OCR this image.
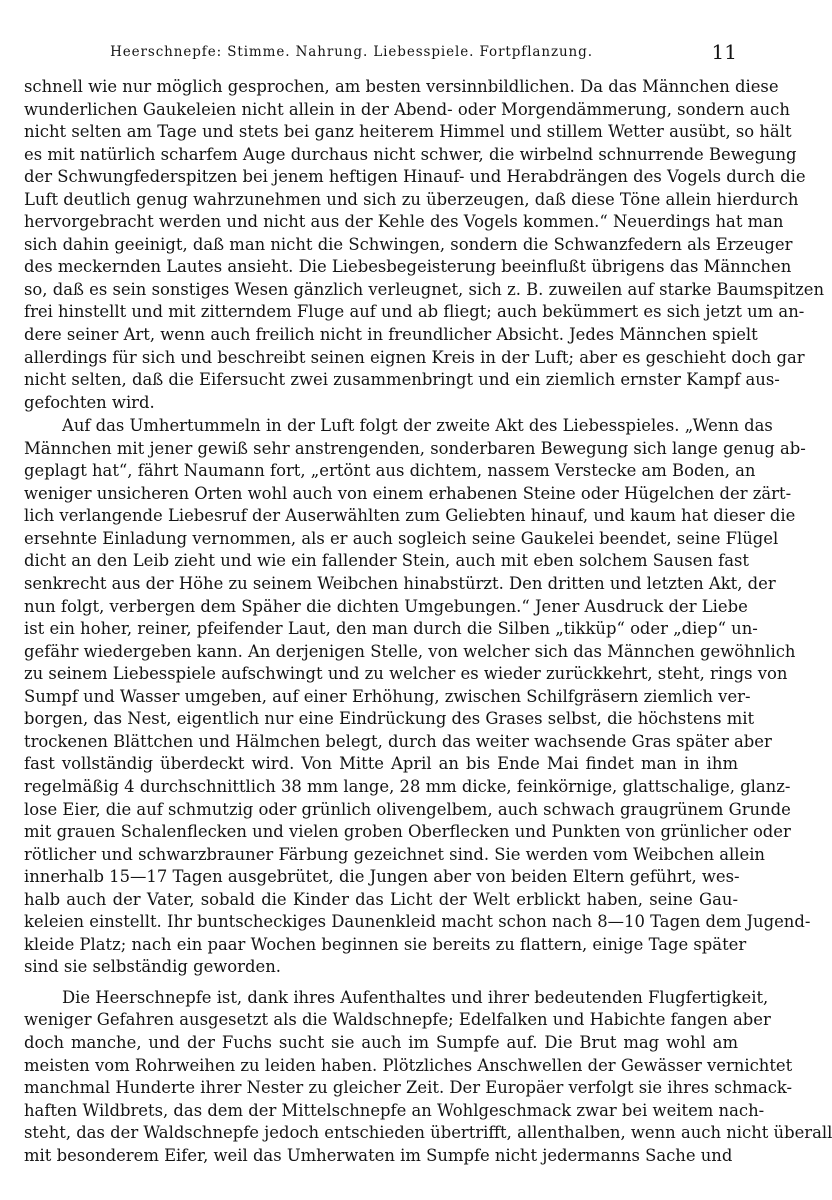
Heerschnepfe: Stimme. Nahrung. Liebesspiele. Fortpflanzung.	11
schnell wie nur möglich gesprochen, am besten versinnbildlichen. Da das Männchen diese
wunderlichen Gaukeleien nicht allein in der Abend- oder Morgendämmerung, sondern auch
nicht selten am Tage und stets bei ganz heiterem Himmel und stillem Wetter ausübt, so hält
es mit natürlich scharfem Auge durchaus nicht schwer, die wirbelnd schnurrende Bewegung
der Schwungfederspitzen bei jenem heftigen Hinauf- und Herabdrängen des Vogels durch die
Luft deutlich genug wahrzunehmen und sich zu überzeugen, daß diese Töne allein hierdurch
hervorgebracht werden und nicht aus der Kehle des Vogels kommen.“ Neuerdings hat man
sich dahin geeinigt, daß man nicht die Schwingen, sondern die Schwanzfedern als Erzeuger
des meckernden Lautes ansieht. Die Liebesbegeisterung beeinflußt übrigens das Männchen
so, daß es sein sonstiges Wesen gänzlich verleugnet, sich z. B. zuweilen auf starke Baumspitzen
frei hinstellt und mit zitterndem Fluge auf und ab fliegt; auch bekümmert es sich jetzt um an-
dere seiner Art, wenn auch freilich nicht in freundlicher Absicht. Jedes Männchen spielt
allerdings für sich und beschreibt seinen eignen Kreis in der Luft; aber es geschieht doch gar
nicht selten, daß die Eifersucht zwei zusammenbringt und ein ziemlich ernster Kampf aus-
gefochten wird.
Auf das Umhertummeln in der Luft folgt der zweite Akt des Liebesspieles. „Wenn das
Männchen mit jener gewiß sehr anstrengenden, sonderbaren Bewegung sich lange genug ab-
geplagt hat“, fährt Naumann fort, „ertönt aus dichtem, nassem Verstecke am Boden, an
weniger unsicheren Orten wohl auch von einem erhabenen Steine oder Hügelchen der zärt-
lich verlangende Liebesruf der Auserwählten zum Geliebten hinauf, und kaum hat dieser die
ersehnte Einladung vernommen, als er auch sogleich seine Gaukelei beendet, seine Flügel
dicht an den Leib zieht und wie ein fallender Stein, auch mit eben solchem Sausen fast
senkrecht aus der Höhe zu seinem Weibchen hinabstürzt. Den dritten und letzten Akt, der
nun folgt, verbergen dem Späher die dichten Umgebungen.“ Jener Ausdruck der Liebe
ist ein hoher, reiner, pfeifender Laut, den man durch die Silben „tikküp“ oder „diep“ un-
gefähr wiedergeben kann. An derjenigen Stelle, von welcher sich das Männchen gewöhnlich
zu seinem Liebesspiele aufschwingt und zu welcher es wieder zurückkehrt, steht, rings von
Sumpf und Wasser umgeben, auf einer Erhöhung, zwischen Schilfgräsern ziemlich ver-
borgen, das Nest, eigentlich nur eine Eindrückung des Grases selbst, die höchstens mit
trockenen Blättchen und Hälmchen belegt, durch das weiter wachsende Gras später aber
fast vollständig überdeckt wird. Von Mitte April an bis Ende Mai findet man in ihm
regelmäßig 4 durchschnittlich 38 mm lange, 28 mm dicke, feinkörnige, glattschalige, glanz-
lose Eier, die auf schmutzig oder grünlich olivengelbem, auch schwach graugrünem Grunde
mit grauen Schalenflecken und vielen groben Oberflecken und Punkten von grünlicher oder
rötlicher und schwarzbrauner Färbung gezeichnet sind. Sie werden vom Weibchen allein
innerhalb 15—17 Tagen ausgebrütet, die Jungen aber von beiden Eltern geführt, wes-
halb auch der Vater, sobald die Kinder das Licht der Welt erblickt haben, seine Gau-
keleien einstellt. Ihr buntscheckiges Daunenkleid macht schon nach 8—10 Tagen dem Jugend-
kleide Platz; nach ein paar Wochen beginnen sie bereits zu flattern, einige Tage später
sind sie selbständig geworden.
Die Heerschnepfe ist, dank ihres Aufenthaltes und ihrer bedeutenden Flugfertigkeit,
weniger Gefahren ausgesetzt als die Waldschnepfe; Edelfalken und Habichte fangen aber
doch manche, und der Fuchs sucht sie auch im Sumpfe auf. Die Brut mag wohl am
meisten vom Rohrweihen zu leiden haben. Plötzliches Anschwellen der Gewässer vernichtet
manchmal Hunderte ihrer Nester zu gleicher Zeit. Der Europäer verfolgt sie ihres schmack-
haften Wildbrets, das dem der Mittelschnepfe an Wohlgeschmack zwar bei weitem nach-
steht, das der Waldschnepfe jedoch entschieden übertrifft, allenthalben, wenn auch nicht überall
mit besonderem Eifer, weil das Umherwaten im Sumpfe nicht jedermanns Sache und
